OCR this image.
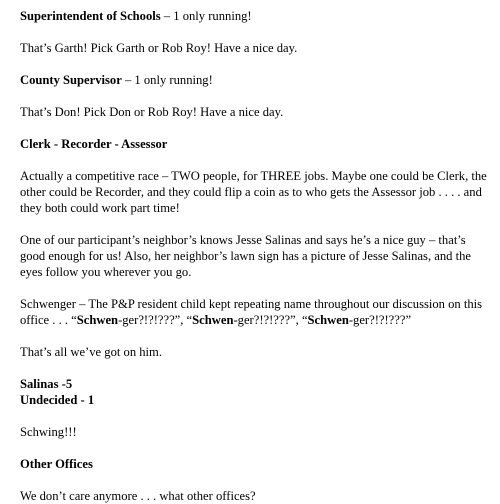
Superintendent of Schools – 1 only running!

That’s Garth! Pick Garth or Rob Roy! Have a nice day.

County Supervisor – 1 only running!

That’s Don! Pick Don or Rob Roy! Have a nice day.

Clerk - Recorder - Assessor

Actually a competitive race – TWO people, for THREE jobs. Maybe one could be Clerk, the other could be Recorder, and they could flip a coin as to who gets the Assessor job . . . . and they both could work part time!

One of our participant’s neighbor’s knows Jesse Salinas and says he’s a nice guy – that’s good enough for us! Also, her neighbor’s lawn sign has a picture of Jesse Salinas, and the eyes follow you wherever you go.

Schwenger – The P&P resident child kept repeating name throughout our discussion on this office . . . “Schwen-ger?!?!???”, “Schwen-ger?!?!???”, “Schwen-ger?!?!???”

That’s all we’ve got on him.

Salinas -5

Undecided - 1

Schwing!!!

Other Offices

We don’t care anymore . . . what other offices?
